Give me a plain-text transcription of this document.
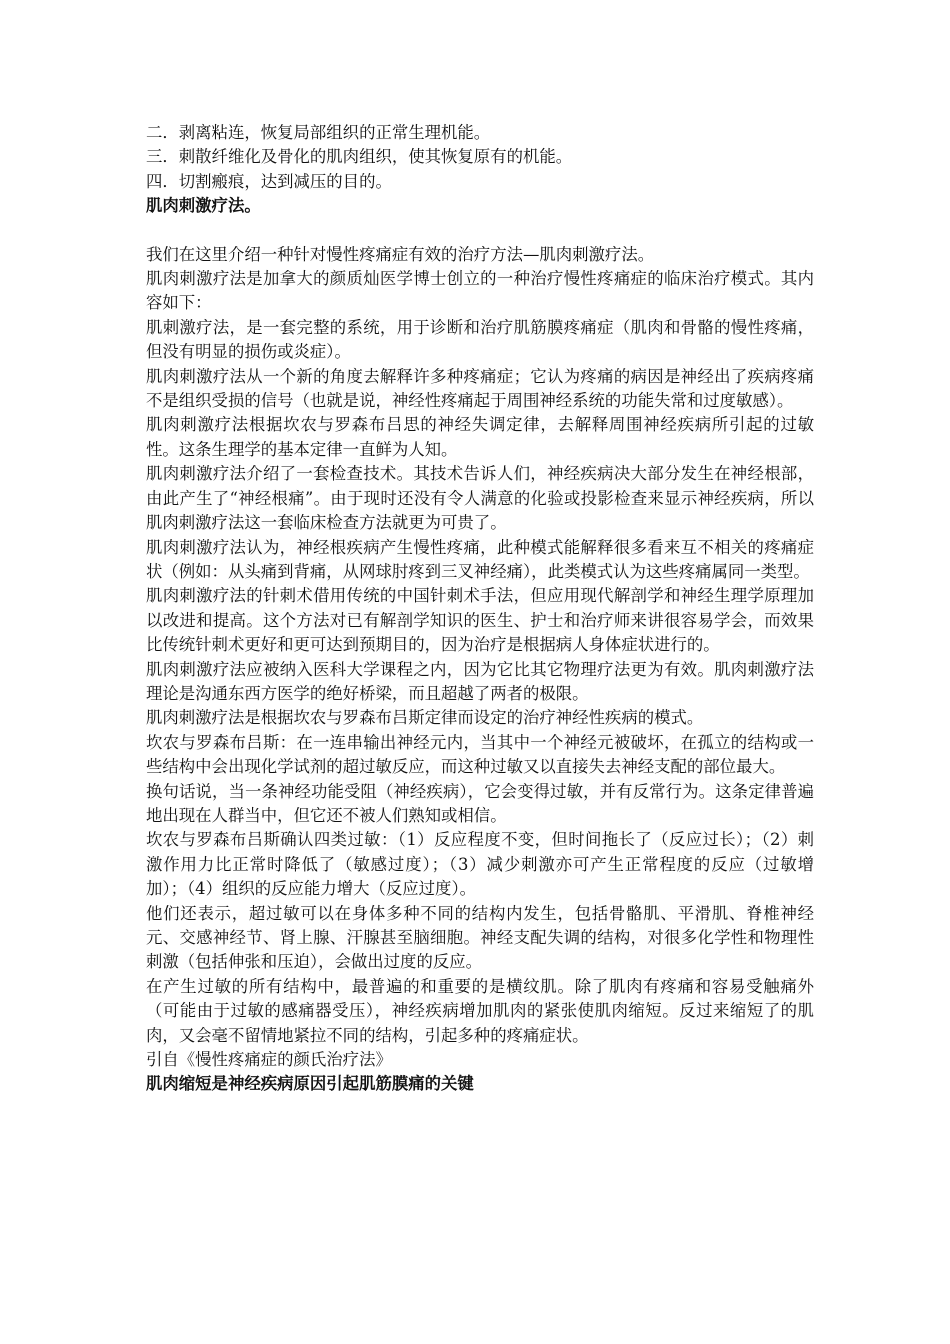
二．剥离粘连，恢复局部组织的正常生理机能。
三．刺散纤维化及骨化的肌肉组织，使其恢复原有的机能。
四．切割瘢痕，达到减压的目的。
肌肉刺激疗法。

我们在这里介绍一种针对慢性疼痛症有效的治疗方法—肌肉刺激疗法。

肌肉刺激疗法是加拿大的颜质灿医学博士创立的一种治疗慢性疼痛症的临床治疗模式。其内容如下：

肌刺激疗法，是一套完整的系统，用于诊断和治疗肌筋膜疼痛症（肌肉和骨骼的慢性疼痛，但没有明显的损伤或炎症）。

肌肉刺激疗法从一个新的角度去解释许多种疼痛症；它认为疼痛的病因是神经出了疾病疼痛不是组织受损的信号（也就是说，神经性疼痛起于周围神经系统的功能失常和过度敏感）。

肌肉刺激疗法根据坎农与罗森布吕思的神经失调定律，去解释周围神经疾病所引起的过敏性。这条生理学的基本定律一直鲜为人知。

肌肉刺激疗法介绍了一套检查技术。其技术告诉人们，神经疾病决大部分发生在神经根部，由此产生了“神经根痛”。由于现时还没有令人满意的化验或投影检查来显示神经疾病，所以肌肉刺激疗法这一套临床检查方法就更为可贵了。

肌肉刺激疗法认为，神经根疾病产生慢性疼痛，此种模式能解释很多看来互不相关的疼痛症状（例如：从头痛到背痛，从网球肘疼到三叉神经痛），此类模式认为这些疼痛属同一类型。

肌肉刺激疗法的针刺术借用传统的中国针刺术手法，但应用现代解剖学和神经生理学原理加以改进和提高。这个方法对已有解剖学知识的医生、护士和治疗师来讲很容易学会，而效果比传统针刺术更好和更可达到预期目的，因为治疗是根据病人身体症状进行的。

肌肉刺激疗法应被纳入医科大学课程之内，因为它比其它物理疗法更为有效。肌肉刺激疗法理论是沟通东西方医学的绝好桥梁，而且超越了两者的极限。

肌肉刺激疗法是根据坎农与罗森布吕斯定律而设定的治疗神经性疾病的模式。

坎农与罗森布吕斯：在一连串输出神经元内，当其中一个神经元被破坏，在孤立的结构或一些结构中会出现化学试剂的超过敏反应，而这种过敏又以直接失去神经支配的部位最大。

换句话说，当一条神经功能受阻（神经疾病），它会变得过敏，并有反常行为。这条定律普遍地出现在人群当中，但它还不被人们熟知或相信。

坎农与罗森布吕斯确认四类过敏：（1）反应程度不变，但时间拖长了（反应过长）；（2）刺激作用力比正常时降低了（敏感过度）；（3）减少刺激亦可产生正常程度的反应（过敏增加）；（4）组织的反应能力增大（反应过度）。

他们还表示，超过敏可以在身体多种不同的结构内发生，包括骨骼肌、平滑肌、脊椎神经元、交感神经节、肾上腺、汗腺甚至脑细胞。神经支配失调的结构，对很多化学性和物理性刺激（包括伸张和压迫），会做出过度的反应。

在产生过敏的所有结构中，最普遍的和重要的是横纹肌。除了肌肉有疼痛和容易受触痛外（可能由于过敏的感痛器受压），神经疾病增加肌肉的紧张使肌肉缩短。反过来缩短了的肌肉，又会毫不留情地紧拉不同的结构，引起多种的疼痛症状。

引自《慢性疼痛症的颜氏治疗法》

肌肉缩短是神经疾病原因引起肌筋膜痛的关键
